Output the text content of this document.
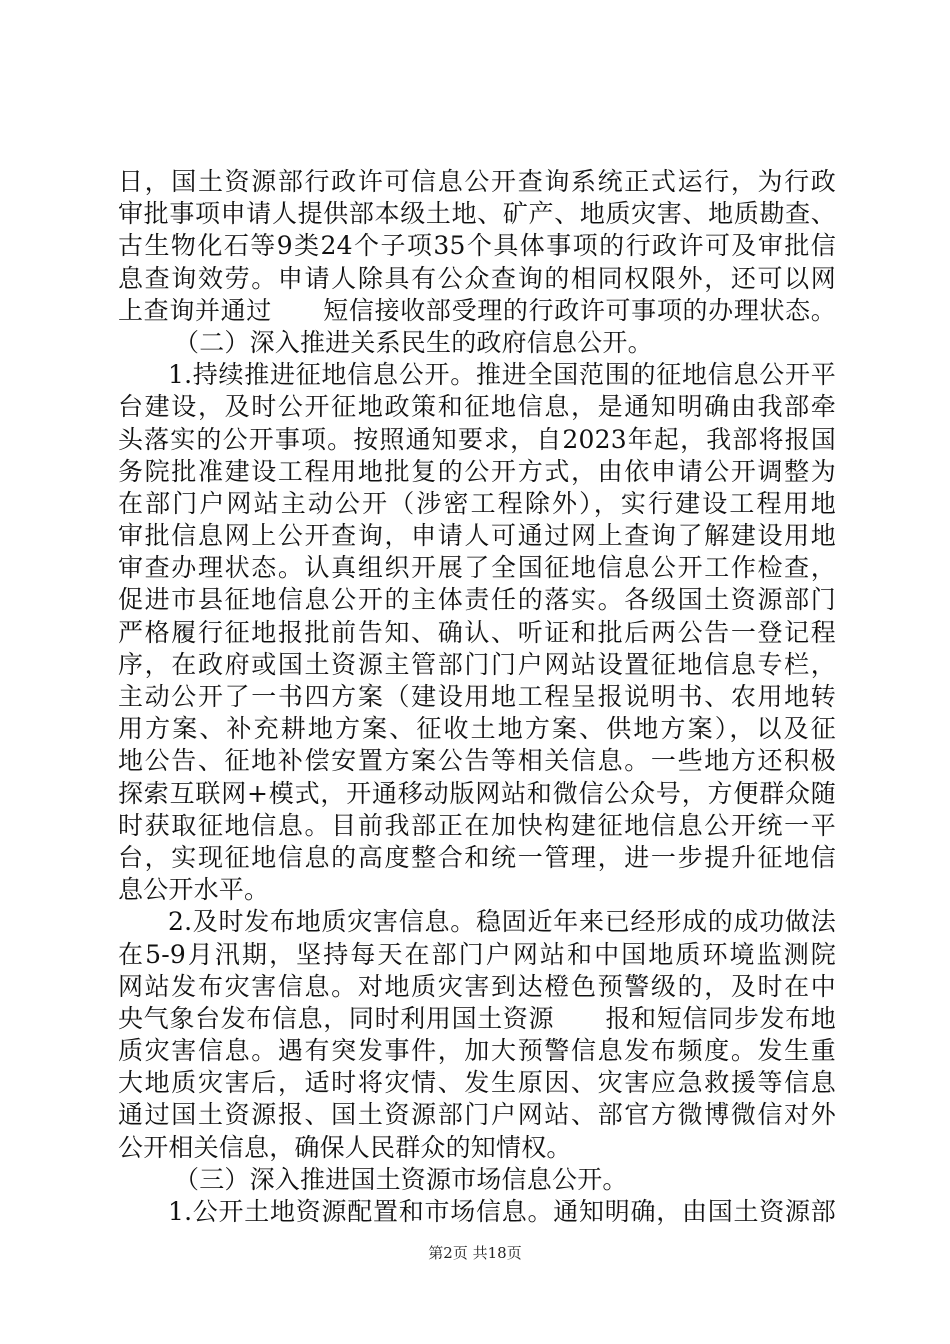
日，国土资源部行政许可信息公开查询系统正式运行，为行政
审批事项申请人提供部本级土地、矿产、地质灾害、地质勘查、
古生物化石等9类24个子项35个具体事项的行政许可及审批信
息查询效劳。申请人除具有公众查询的相同权限外，还可以网
上查询并通过　　短信接收部受理的行政许可事项的办理状态。
（二）深入推进关系民生的政府信息公开。
1.持续推进征地信息公开。推进全国范围的征地信息公开平
台建设，及时公开征地政策和征地信息，是通知明确由我部牵
头落实的公开事项。按照通知要求，自2023年起，我部将报国
务院批准建设工程用地批复的公开方式，由依申请公开调整为
在部门户网站主动公开（涉密工程除外），实行建设工程用地
审批信息网上公开查询，申请人可通过网上查询了解建设用地
审查办理状态。认真组织开展了全国征地信息公开工作检查，
促进市县征地信息公开的主体责任的落实。各级国土资源部门
严格履行征地报批前告知、确认、听证和批后两公告一登记程
序，在政府或国土资源主管部门门户网站设置征地信息专栏，
主动公开了一书四方案（建设用地工程呈报说明书、农用地转
用方案、补充耕地方案、征收土地方案、供地方案），以及征
地公告、征地补偿安置方案公告等相关信息。一些地方还积极
探索互联网+模式，开通移动版网站和微信公众号，方便群众随
时获取征地信息。目前我部正在加快构建征地信息公开统一平
台，实现征地信息的高度整合和统一管理，进一步提升征地信
息公开水平。
2.及时发布地质灾害信息。稳固近年来已经形成的成功做法
在5-9月汛期，坚持每天在部门户网站和中国地质环境监测院
网站发布灾害信息。对地质灾害到达橙色预警级的，及时在中
央气象台发布信息，同时利用国土资源　　报和短信同步发布地
质灾害信息。遇有突发事件，加大预警信息发布频度。发生重
大地质灾害后，适时将灾情、发生原因、灾害应急救援等信息
通过国土资源报、国土资源部门户网站、部官方微博微信对外
公开相关信息，确保人民群众的知情权。
（三）深入推进国土资源市场信息公开。
1.公开土地资源配置和市场信息。通知明确，由国土资源部
第2页 共18页
